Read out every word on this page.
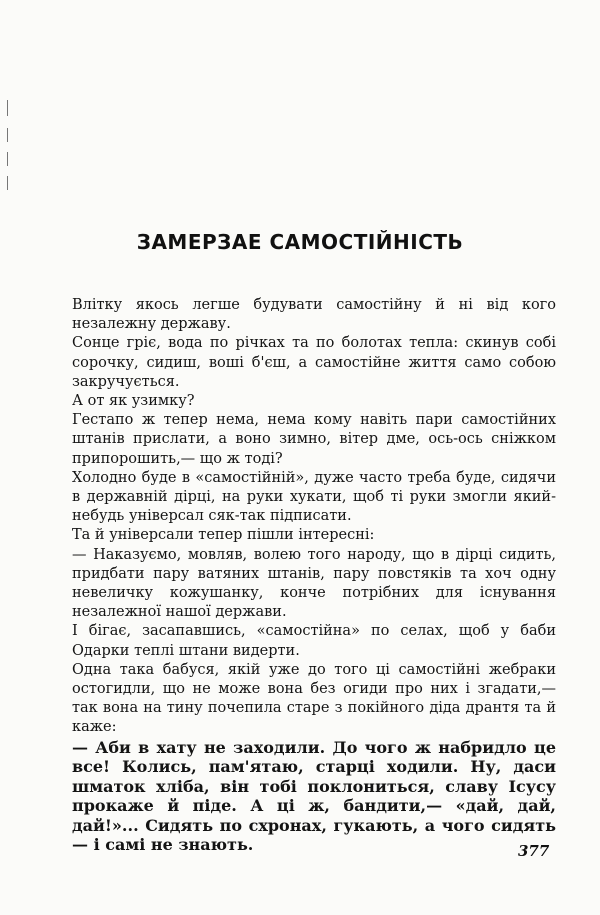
ЗАМЕРЗАЕ САМОСТІЙНІСТЬ

Влітку якось легше будувати самостійну й ні від кого незалежну державу.

Сонце гріє, вода по річках та по болотах тепла: скинув собі сорочку, сидиш, воші б'єш, а самостійне життя само собою закручується.

А от як узимку?

Гестапо ж тепер нема, нема кому навіть пари самостійних штанів прислати, а воно зимно, вітер дме, ось-ось сніжком припорошить,— що ж тоді?

Холодно буде в «самостійній», дуже часто треба буде, сидячи в державній дірці, на руки хукати, щоб ті руки змогли який-небудь універсал сяк-так підписати.

Та й універсали тепер пішли інтересні:

— Наказуємо, мовляв, волею того народу, що в дірці сидить, придбати пару ватяних штанів, пару повстяків та хоч одну невеличку кожушанку, конче потрібних для існування незалежної нашої держави.

І бігає, засапавшись, «самостійна» по селах, щоб у баби Одарки теплі штани видерти.

Одна така бабуся, якій уже до того ці самостійні жебраки остогидли, що не може вона без огиди про них і згадати,— так вона на тину почепила старе з покійного діда дрантя та й каже:

— Аби в хату не заходили. До чого ж набридло це все! Колись, пам'ятаю, старці ходили. Ну, даси шматок хліба, він тобі поклониться, славу Ісусу прокаже й піде. А ці ж, бандити,— «дай, дай, дай!»... Сидять по схронах, гукають, а чого сидять — і самі не знають.	377
